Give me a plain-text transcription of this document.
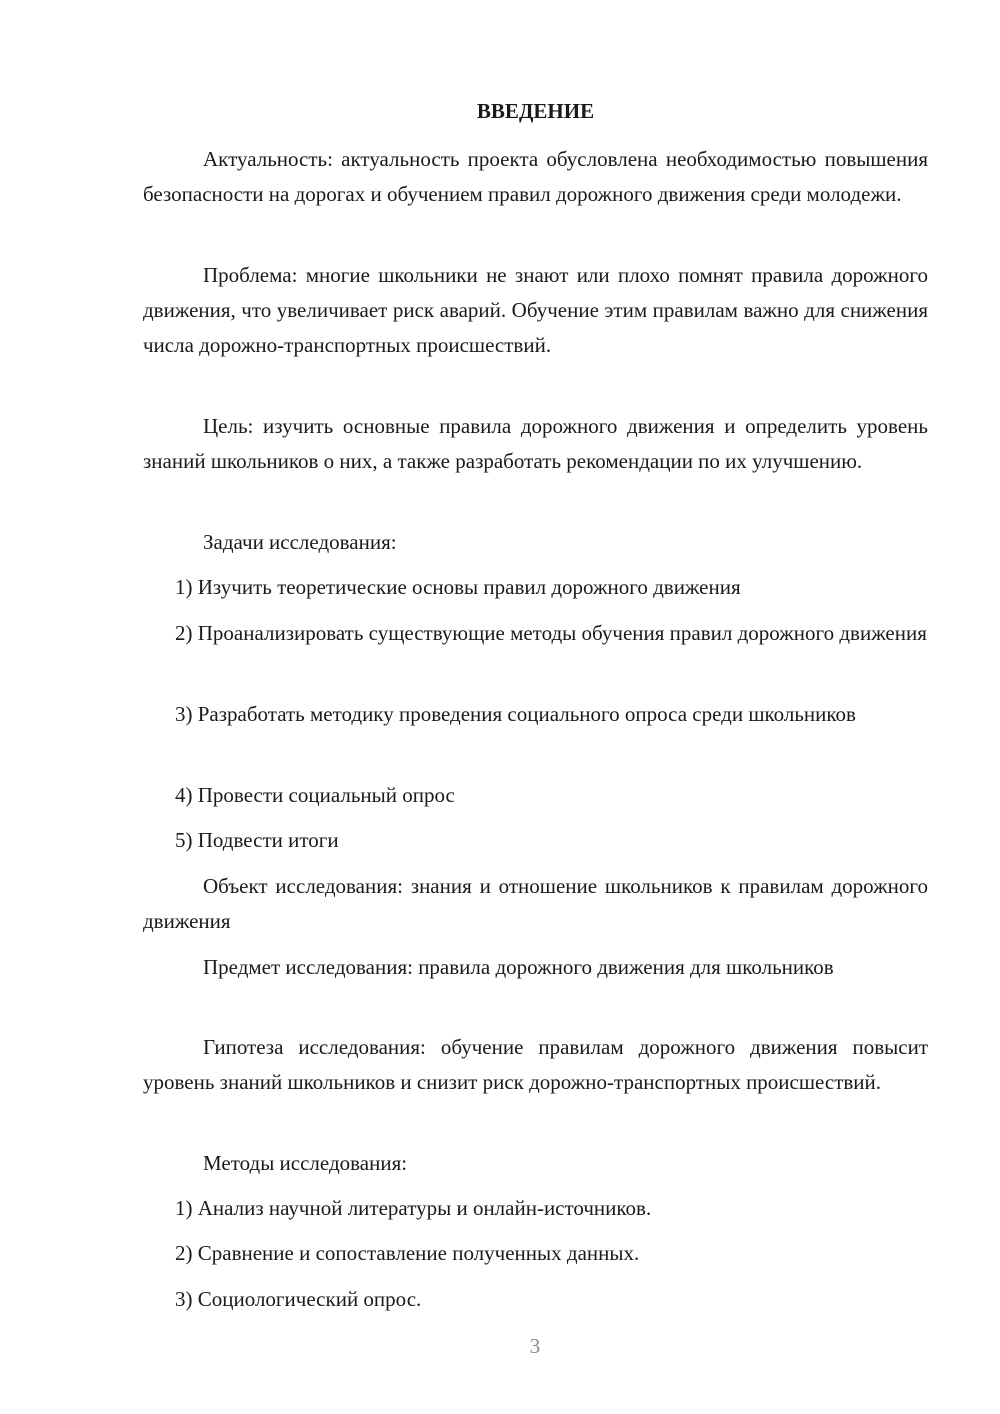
ВВЕДЕНИЕ

Актуальность: актуальность проекта обусловлена необходимостью повышения безопасности на дорогах и обучением правил дорожного движения среди молодежи.

Проблема: многие школьники не знают или плохо помнят правила дорожного движения, что увеличивает риск аварий. Обучение этим правилам важно для снижения числа дорожно-транспортных происшествий.

Цель: изучить основные правила дорожного движения и определить уровень знаний школьников о них, а также разработать рекомендации по их улучшению.

Задачи исследования:

1) Изучить теоретические основы правил дорожного движения

2) Проанализировать существующие методы обучения правил дорожного движения

3) Разработать методику проведения социального опроса среди школьников

4) Провести социальный опрос

5) Подвести итоги

Объект исследования: знания и отношение школьников к правилам дорожного движения

Предмет исследования: правила дорожного движения для школьников

Гипотеза исследования: обучение правилам дорожного движения повысит уровень знаний школьников и снизит риск дорожно-транспортных происшествий.

Методы исследования:

1) Анализ научной литературы и онлайн-источников.

2) Сравнение и сопоставление полученных данных.

3) Социологический опрос.

3
